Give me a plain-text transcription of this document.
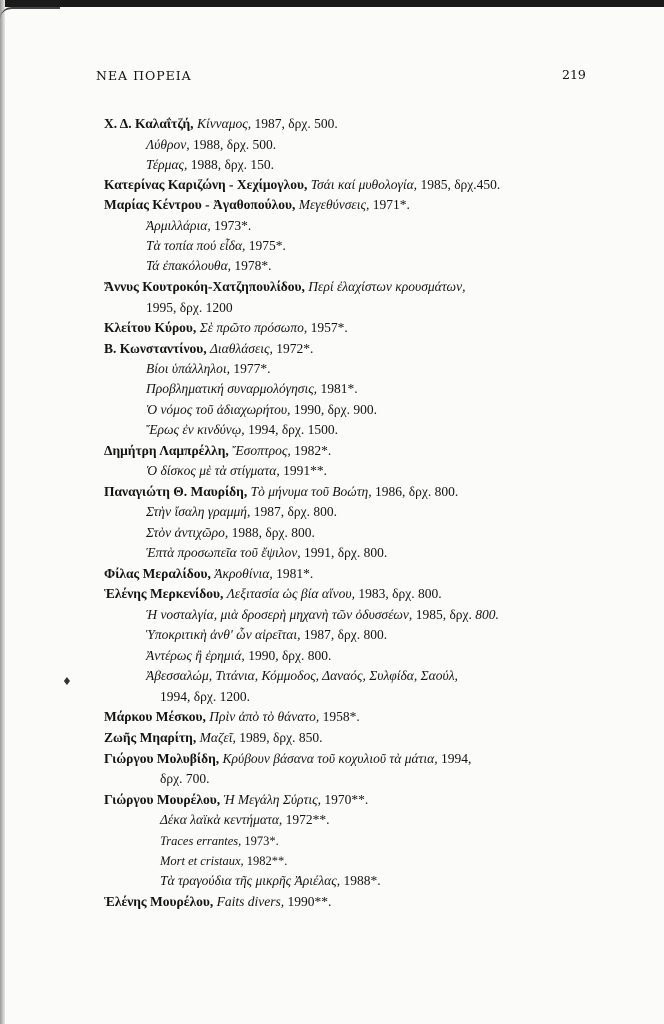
ΝΕΑ ΠΟΡΕΙΑ	219
♦
Χ. Δ. Καλαΐτζή, Κίνναμος, 1987, δρχ. 500.
Λύθρον, 1988, δρχ. 500.
Τέρμας, 1988, δρχ. 150.
Κατερίνας Καριζώνη - Χεχίμογλου, Τσάι καί μυθολογία, 1985, δρχ.450.
Μαρίας Κέντρου - Ἀγαθοπούλου, Μεγεθύνσεις, 1971*.
Ἀρμιλλάρια, 1973*.
Τὰ τοπία πού εἶδα, 1975*.
Τά ἐπακόλουθα, 1978*.
Ἄννυς Κουτροκόη-Χατζηπουλίδου, Περί ἐλαχίστων κρουσμάτων,
1995, δρχ. 1200
Κλείτου Κύρου, Σὲ πρῶτο πρόσωπο, 1957*.
Β. Κωνσταντίνου, Διαθλάσεις, 1972*.
Βίοι ὑπάλληλοι, 1977*.
Προβληματική συναρμολόγησις, 1981*.
Ὁ νόμος τοῦ ἀδιαχωρήτου, 1990, δρχ. 900.
Ἔρως ἐν κινδύνῳ, 1994, δρχ. 1500.
Δημήτρη Λαμπρέλλη, Ἔσοπτρος, 1982*.
Ὁ δίσκος μὲ τὰ στίγματα, 1991**.
Παναγιώτη Θ. Μαυρίδη, Τὸ μήνυμα τοῦ Βοώτη, 1986, δρχ. 800.
Στὴν ἴσαλη γραμμή, 1987, δρχ. 800.
Στὸν ἀντιχῶρο, 1988, δρχ. 800.
Ἑπτὰ προσωπεῖα τοῦ ἔψιλον, 1991, δρχ. 800.
Φίλας Μεραλίδου, Ἀκροθίνια, 1981*.
Ἑλένης Μερκενίδου, Λεξιτασία ὡς βία αἴνου, 1983, δρχ. 800.
Ἡ νοσταλγία, μιὰ δροσερὴ μηχανὴ τῶν ὀδυσσέων, 1985, δρχ. 800.
Ὑποκριτικὴ ἀνθ' ὧν αἱρεῖται, 1987, δρχ. 800.
Ἀντέρως ἢ ἐρημιά, 1990, δρχ. 800.
Ἀβεσσαλώμ, Τιτάνια, Κόμμοδος, Δαναός, Συλφίδα, Σαούλ,
1994, δρχ. 1200.
Μάρκου Μέσκου, Πρὶν ἀπὸ τὸ θάνατο, 1958*.
Ζωῆς Μηαρίτη, Μαζεῖ, 1989, δρχ. 850.
Γιώργου Μολυβίδη, Κρύβουν βάσανα τοῦ κοχυλιοῦ τὰ μάτια, 1994,
δρχ. 700.
Γιώργου Μουρέλου, Ἡ Μεγάλη Σύρτις, 1970**.
Δέκα λαϊκὰ κεντήματα, 1972**.
Traces errantes, 1973*.
Mort et cristaux, 1982**.
Τὰ τραγούδια τῆς μικρῆς Ἀριέλας, 1988*.
Ἑλένης Μουρέλου, Faits divers, 1990**.
